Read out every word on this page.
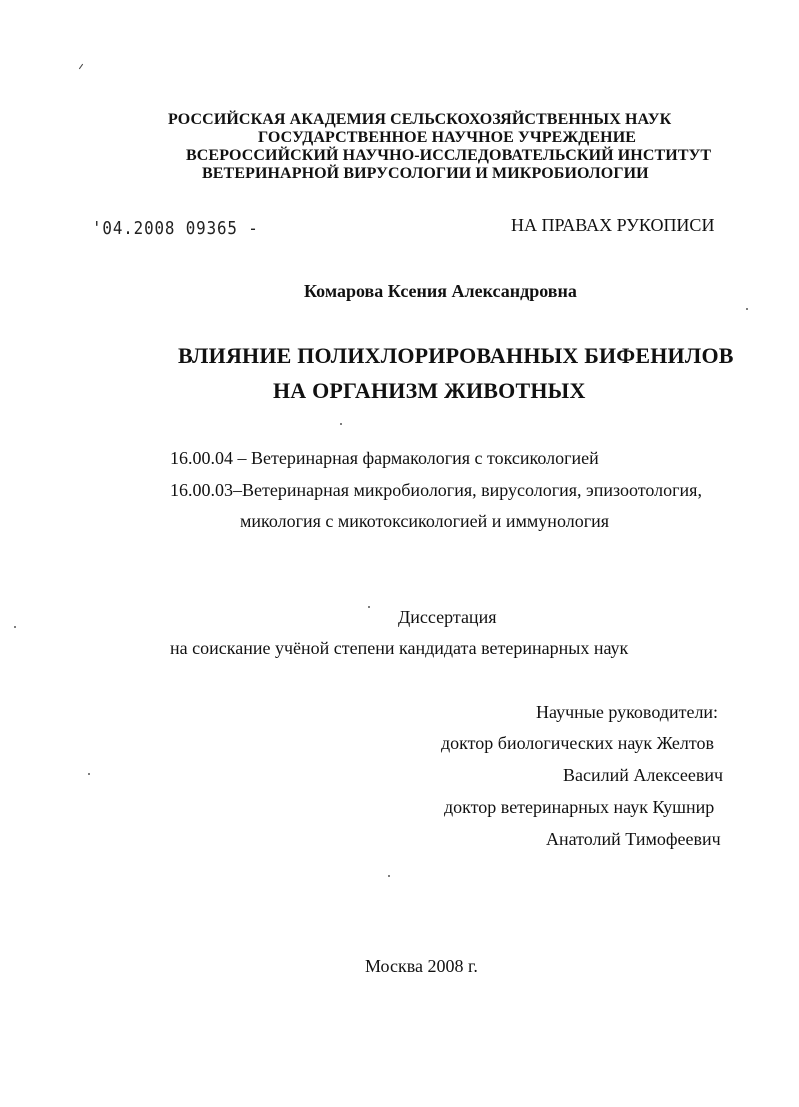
РОССИЙСКАЯ АКАДЕМИЯ СЕЛЬСКОХОЗЯЙСТВЕННЫХ НАУК
ГОСУДАРСТВЕННОЕ НАУЧНОЕ УЧРЕЖДЕНИЕ
ВСЕРОССИЙСКИЙ НАУЧНО-ИССЛЕДОВАТЕЛЬСКИЙ ИНСТИТУТ
ВЕТЕРИНАРНОЙ ВИРУСОЛОГИИ И МИКРОБИОЛОГИИ
'04.2008 09365 -	НА ПРАВАХ РУКОПИСИ
Комарова Ксения Александровна
ВЛИЯНИЕ ПОЛИХЛОРИРОВАННЫХ БИФЕНИЛОВ
НА ОРГАНИЗМ ЖИВОТНЫХ
16.00.04 – Ветеринарная фармакология с токсикологией
16.00.03–Ветеринарная микробиология, вирусология, эпизоотология,
микология с микотоксикологией и иммунология
Диссертация
на соискание учёной степени кандидата ветеринарных наук
Научные руководители:
доктор биологических наук Желтов
Василий Алексеевич
доктор ветеринарных наук Кушнир
Анатолий Тимофеевич
Москва 2008 г.
